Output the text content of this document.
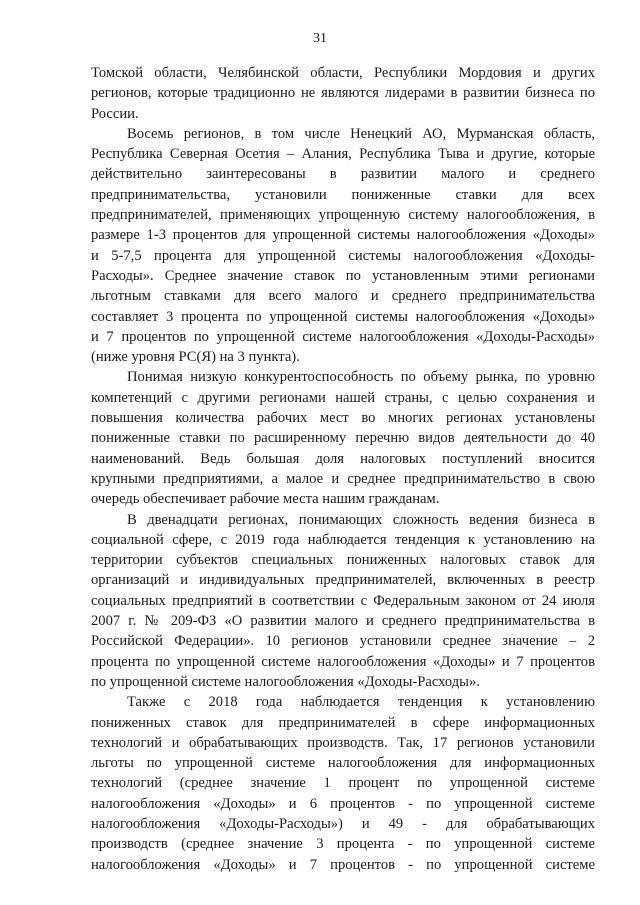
31
Томской области, Челябинской области, Республики Мордовия и других
регионов, которые традиционно не являются лидерами в развитии бизнеса по
России.
Восемь регионов, в том числе Ненецкий АО, Мурманская область,
Республика Северная Осетия – Алания, Республика Тыва и другие, которые
действительно заинтересованы в развитии малого и среднего
предпринимательства, установили пониженные ставки для всех
предпринимателей, применяющих упрощенную систему налогообложения, в
размере 1-3 процентов для упрощенной системы налогообложения «Доходы»
и 5-7,5 процента для упрощенной системы налогообложения «Доходы-
Расходы». Среднее значение ставок по установленным этими регионами
льготным ставками для всего малого и среднего предпринимательства
составляет 3 процента по упрощенной системы налогообложения «Доходы»
и 7 процентов по упрощенной системе налогообложения «Доходы-Расходы»
(ниже уровня РС(Я) на 3 пункта).
Понимая низкую конкурентоспособность по объему рынка, по уровню
компетенций с другими регионами нашей страны, с целью сохранения и
повышения количества рабочих мест во многих регионах установлены
пониженные ставки по расширенному перечню видов деятельности до 40
наименований. Ведь большая доля налоговых поступлений вносится
крупными предприятиями, а малое и среднее предпринимательство в свою
очередь обеспечивает рабочие места нашим гражданам.
В двенадцати регионах, понимающих сложность ведения бизнеса в
социальной сфере, с 2019 года наблюдается тенденция к установлению на
территории субъектов специальных пониженных налоговых ставок для
организаций и индивидуальных предпринимателей, включенных в реестр
социальных предприятий в соответствии с Федеральным законом от 24 июля
2007 г. № 209-ФЗ «О развитии малого и среднего предпринимательства в
Российской Федерации». 10 регионов установили среднее значение – 2
процента по упрощенной системе налогообложения «Доходы» и 7 процентов
по упрощенной системе налогообложения «Доходы-Расходы».
Также с 2018 года наблюдается тенденция к установлению
пониженных ставок для предпринимателей в сфере информационных
технологий и обрабатывающих производств. Так, 17 регионов установили
льготы по упрощенной системе налогообложения для информационных
технологий (среднее значение 1 процент по упрощенной системе
налогообложения «Доходы» и 6 процентов - по упрощенной системе
налогообложения «Доходы-Расходы») и 49 - для обрабатывающих
производств (среднее значение 3 процента - по упрощенной системе
налогообложения «Доходы» и 7 процентов - по упрощенной системе
